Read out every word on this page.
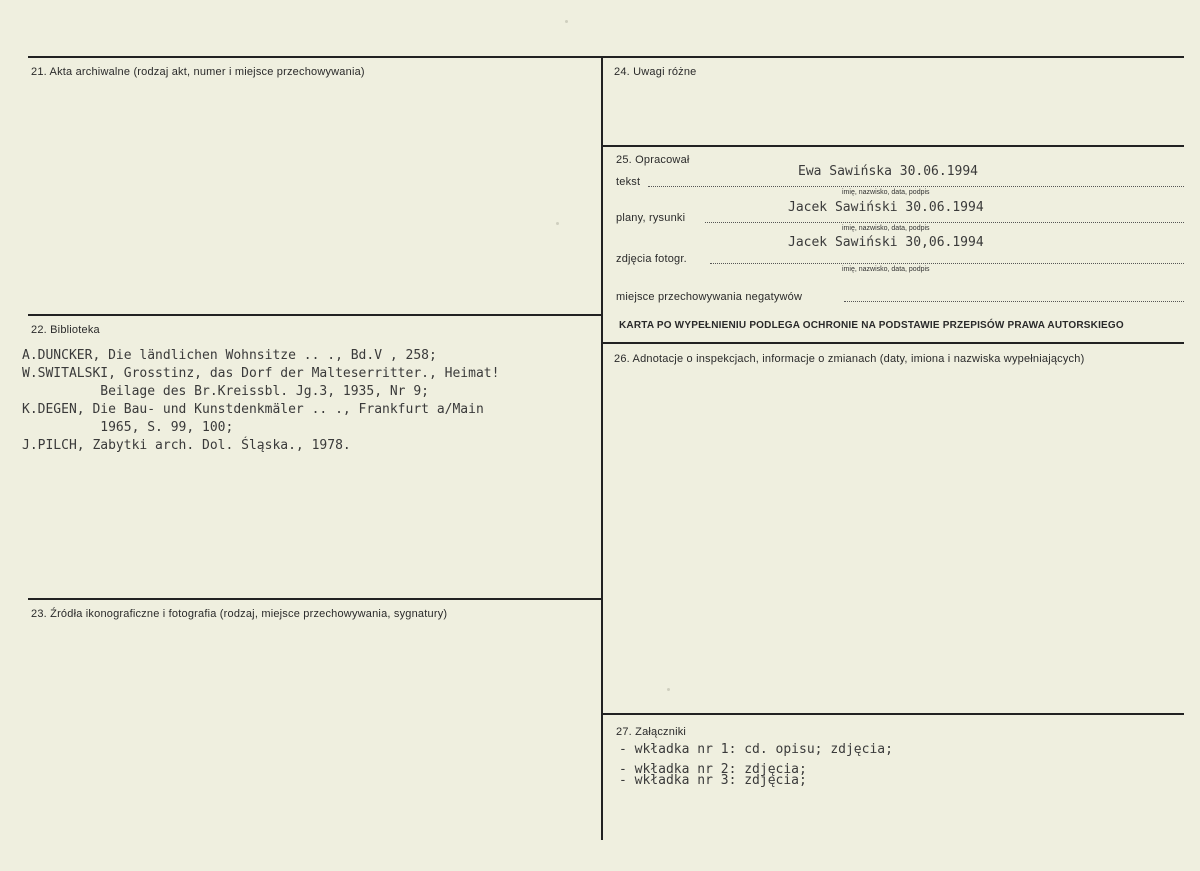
21. Akta archiwalne (rodzaj akt, numer i miejsce przechowywania)
22. Biblioteka
A.DUNCKER, Die ländlichen Wohnsitze .. ., Bd.V , 258;
W.SWITALSKI, Grosstinz, das Dorf der Malteserritter., Heimat!
Beilage des Br.Kreissbl. Jg.3, 1935, Nr 9;
K.DEGEN, Die Bau- und Kunstdenkmäler .. ., Frankfurt a/Main
1965, S. 99, 100;
J.PILCH, Zabytki arch. Dol. Śląska., 1978.
23. Źródła ikonograficzne i fotografia (rodzaj, miejsce przechowywania, sygnatury)
24. Uwagi różne
25. Opracował
tekst
Ewa Sawińska 30.06.1994
imię, nazwisko, data, podpis
plany, rysunki
Jacek Sawiński 30.06.1994
imię, nazwisko, data, podpis
zdjęcia fotogr.
Jacek Sawiński 30,06.1994
imię, nazwisko, data, podpis
miejsce przechowywania negatywów
KARTA PO WYPEŁNIENIU PODLEGA OCHRONIE NA PODSTAWIE PRZEPISÓW PRAWA AUTORSKIEGO
26. Adnotacje o inspekcjach, informacje o zmianach (daty, imiona i nazwiska wypełniających)
27. Załączniki
- wkładka nr 1: cd. opisu; zdjęcia;
- wkładka nr 2: zdjęcia;
- wkładka nr 3: zdjęcia;
